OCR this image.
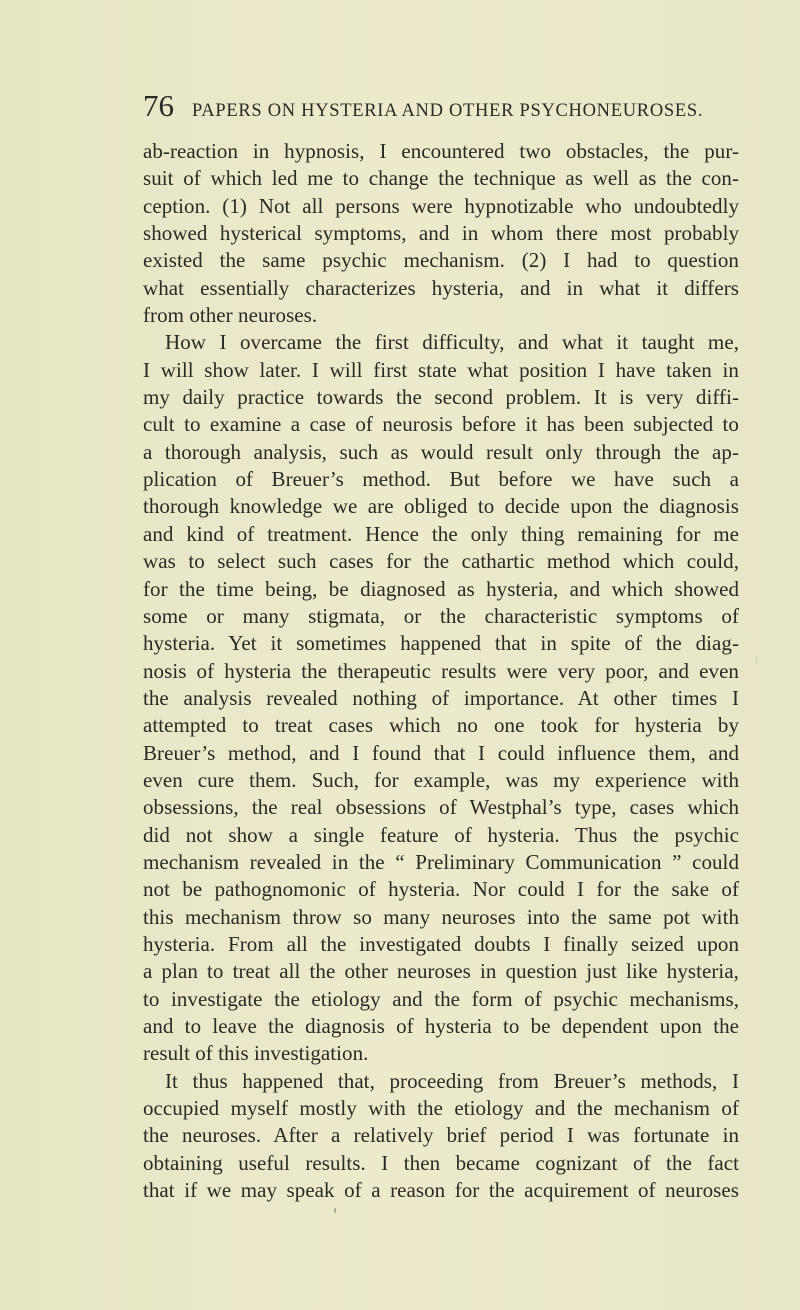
76 PAPERS ON HYSTERIA AND OTHER PSYCHONEUROSES.
ab-reaction in hypnosis, I encountered two obstacles, the pur-
suit of which led me to change the technique as well as the con-
ception. (1) Not all persons were hypnotizable who undoubtedly
showed hysterical symptoms, and in whom there most probably
existed the same psychic mechanism. (2) I had to question
what essentially characterizes hysteria, and in what it differs
from other neuroses.
How I overcame the first difficulty, and what it taught me,
I will show later. I will first state what position I have taken in
my daily practice towards the second problem. It is very diffi-
cult to examine a case of neurosis before it has been subjected to
a thorough analysis, such as would result only through the ap-
plication of Breuer’s method. But before we have such a
thorough knowledge we are obliged to decide upon the diagnosis
and kind of treatment. Hence the only thing remaining for me
was to select such cases for the cathartic method which could,
for the time being, be diagnosed as hysteria, and which showed
some or many stigmata, or the characteristic symptoms of
hysteria. Yet it sometimes happened that in spite of the diag-
nosis of hysteria the therapeutic results were very poor, and even
the analysis revealed nothing of importance. At other times I
attempted to treat cases which no one took for hysteria by
Breuer’s method, and I found that I could influence them, and
even cure them. Such, for example, was my experience with
obsessions, the real obsessions of Westphal’s type, cases which
did not show a single feature of hysteria. Thus the psychic
mechanism revealed in the “ Preliminary Communication ” could
not be pathognomonic of hysteria. Nor could I for the sake of
this mechanism throw so many neuroses into the same pot with
hysteria. From all the investigated doubts I finally seized upon
a plan to treat all the other neuroses in question just like hysteria,
to investigate the etiology and the form of psychic mechanisms,
and to leave the diagnosis of hysteria to be dependent upon the
result of this investigation.
It thus happened that, proceeding from Breuer’s methods, I
occupied myself mostly with the etiology and the mechanism of
the neuroses. After a relatively brief period I was fortunate in
obtaining useful results. I then became cognizant of the fact
that if we may speak of a reason for the acquirement of neuroses
